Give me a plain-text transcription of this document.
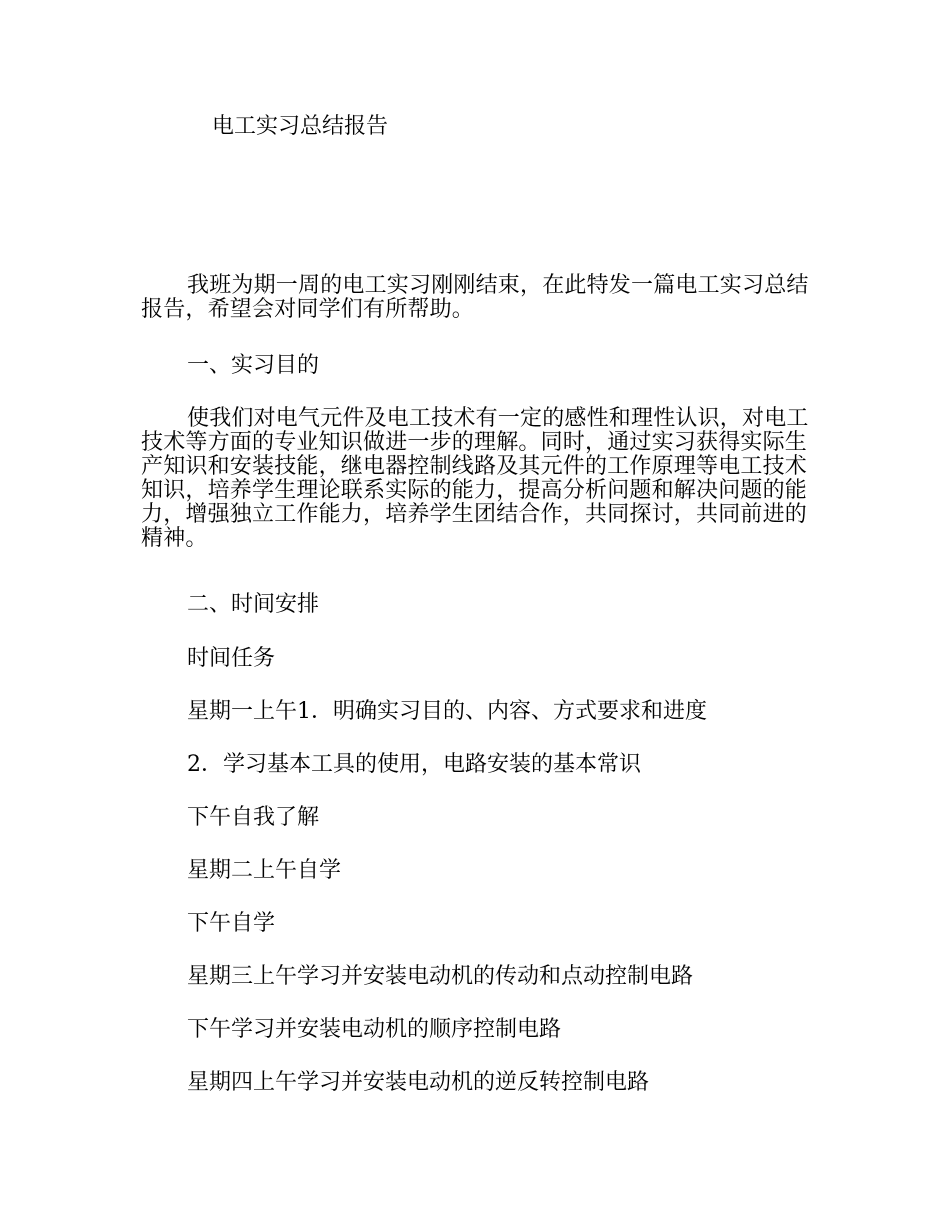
电工实习总结报告

我班为期一周的电工实习刚刚结束，在此特发一篇电工实习总结报告，希望会对同学们有所帮助。

一、实习目的

使我们对电气元件及电工技术有一定的感性和理性认识，对电工技术等方面的专业知识做进一步的理解。同时，通过实习获得实际生产知识和安装技能，继电器控制线路及其元件的工作原理等电工技术知识，培养学生理论联系实际的能力，提高分析问题和解决问题的能力，增强独立工作能力，培养学生团结合作，共同探讨，共同前进的精神。

二、时间安排

时间任务

星期一上午1．明确实习目的、内容、方式要求和进度

2．学习基本工具的使用，电路安装的基本常识

下午自我了解

星期二上午自学

下午自学

星期三上午学习并安装电动机的传动和点动控制电路

下午学习并安装电动机的顺序控制电路

星期四上午学习并安装电动机的逆反转控制电路
